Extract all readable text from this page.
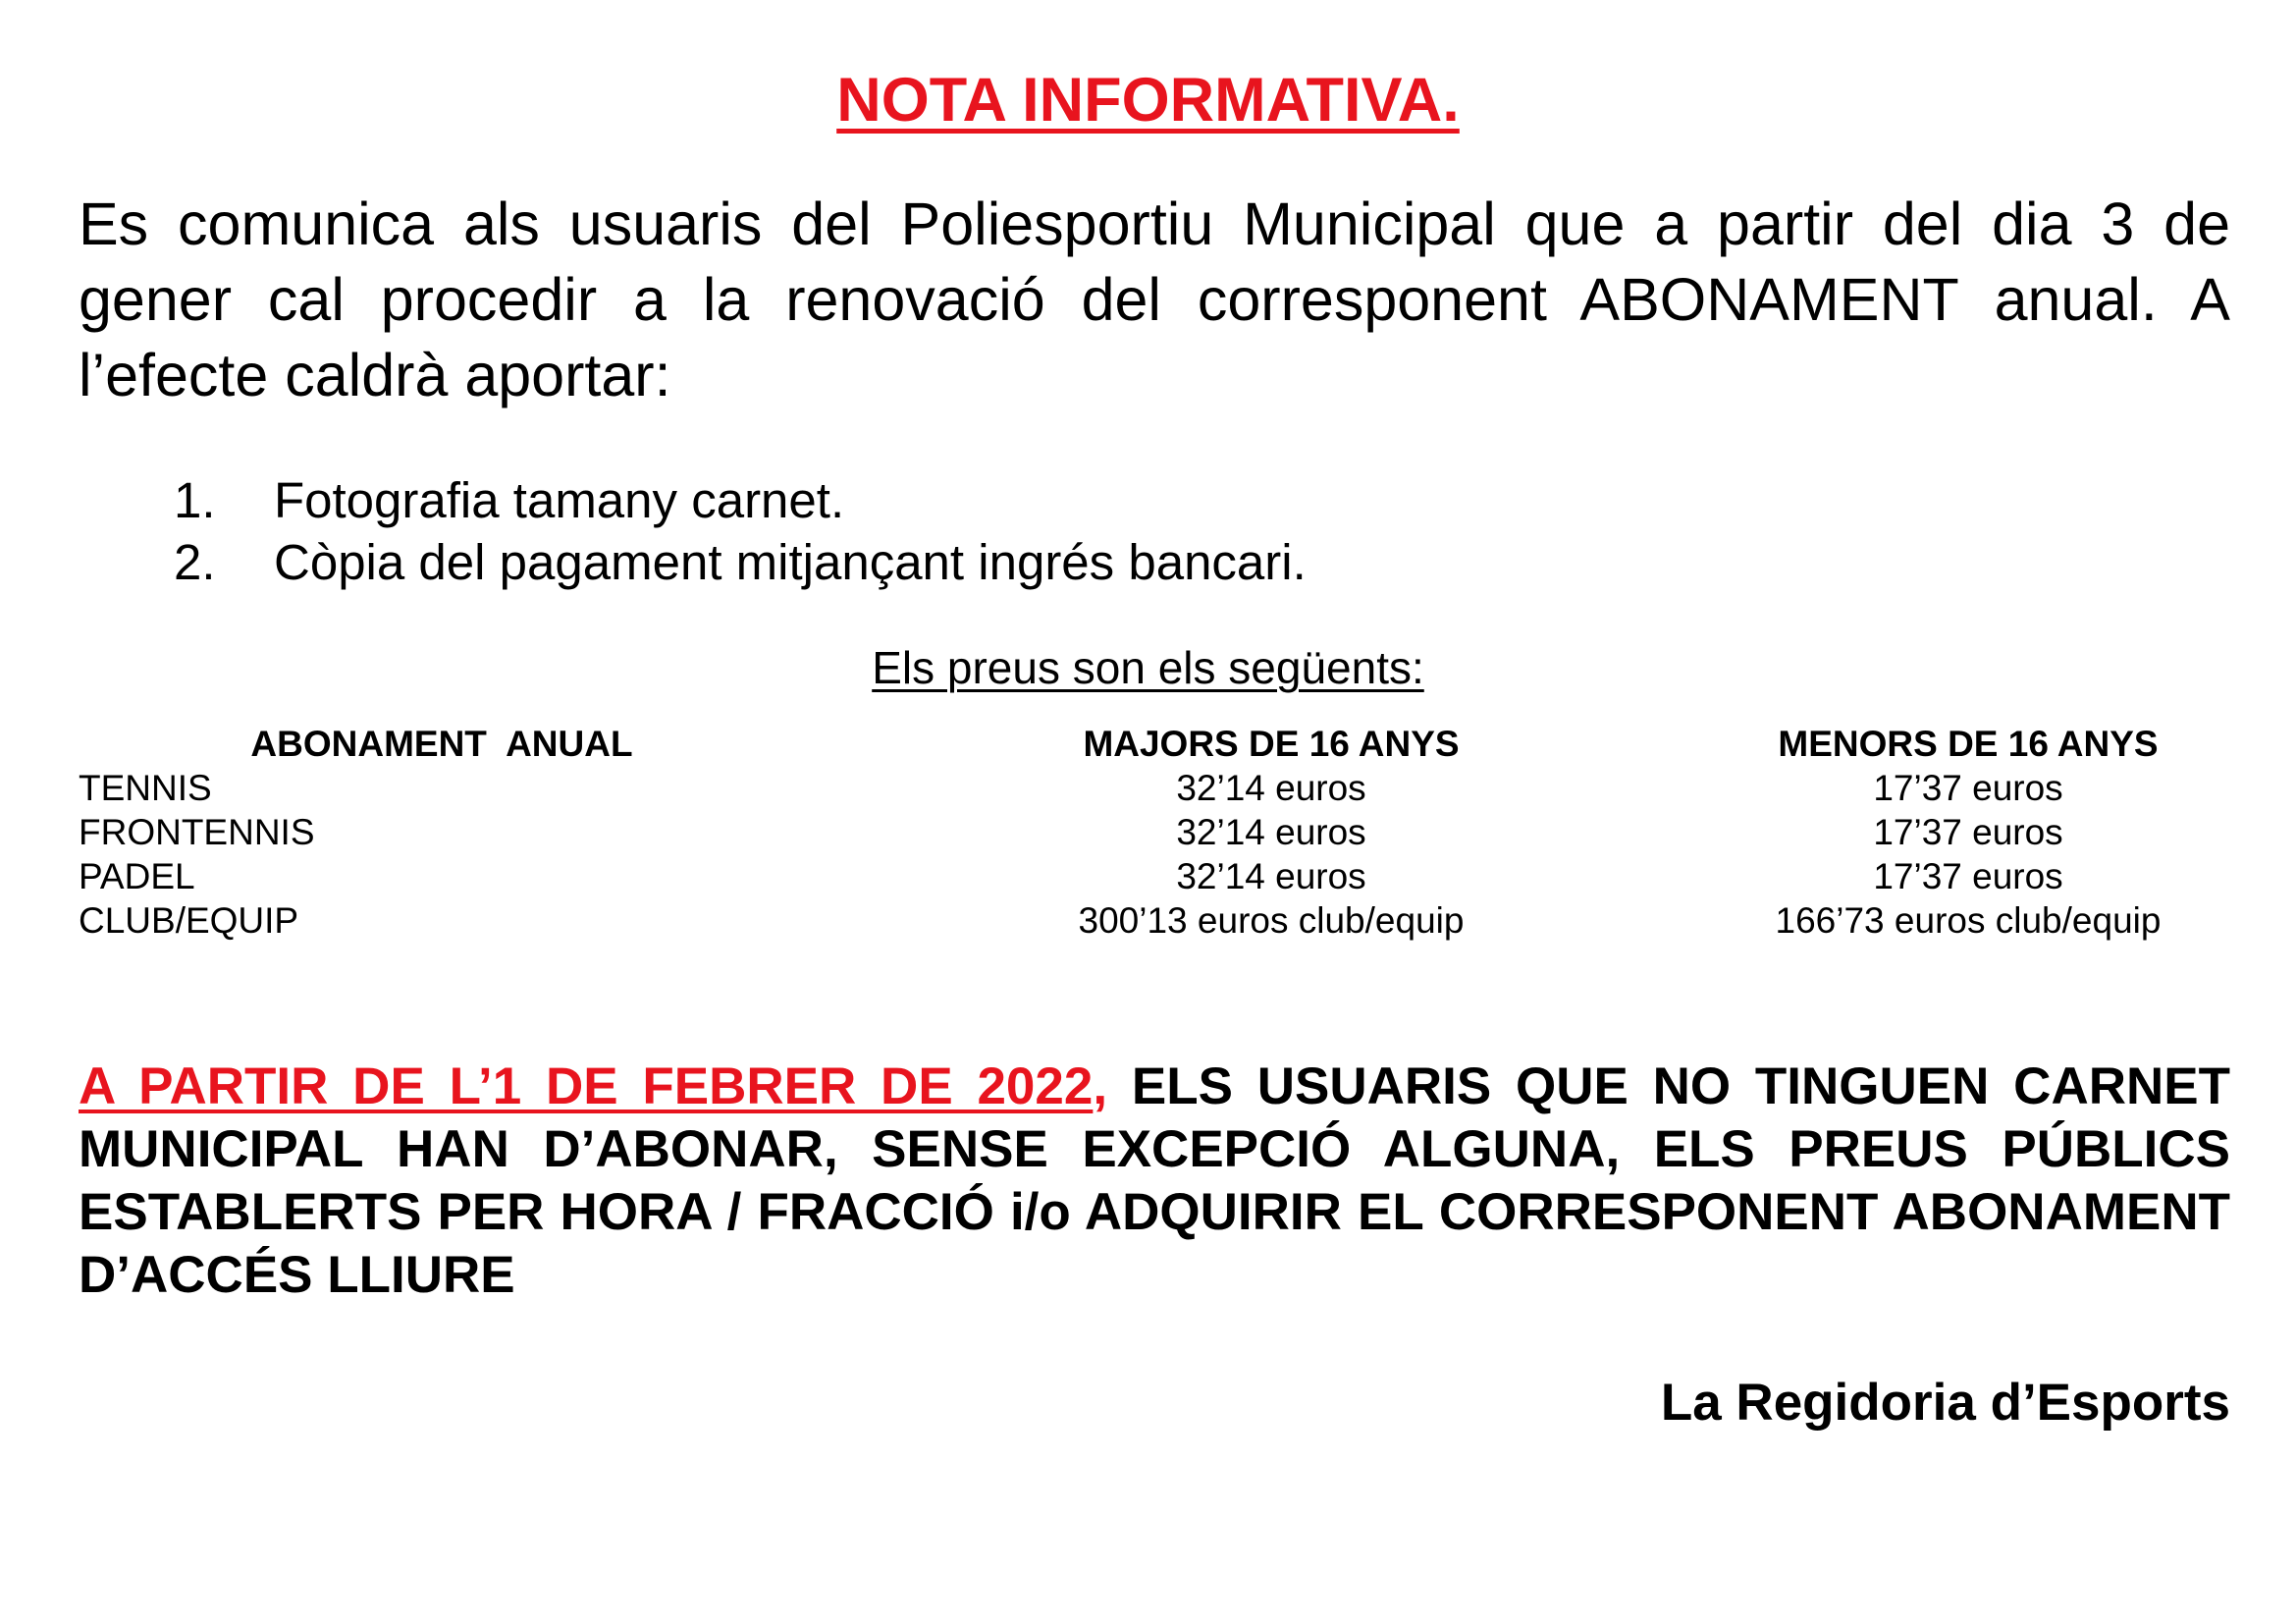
NOTA INFORMATIVA.
Es comunica als usuaris del Poliesportiu Municipal que a partir del dia 3 de gener cal procedir a la renovació del corresponent ABONAMENT anual. A l’efecte caldrà aportar:
1.	Fotografia tamany carnet.
2.	Còpia del pagament mitjançant ingrés bancari.
Els preus son els següents:
ABONAMENT  ANUAL	MAJORS DE 16 ANYS	MENORS DE 16 ANYS
TENNIS	32’14 euros	17’37 euros
FRONTENNIS	32’14 euros	17’37 euros
PADEL	32’14 euros	17’37 euros
CLUB/EQUIP	300’13 euros club/equip	166’73 euros club/equip
A PARTIR DE L’1 DE FEBRER DE 2022, ELS USUARIS QUE NO TINGUEN CARNET MUNICIPAL HAN D’ABONAR, SENSE EXCEPCIÓ ALGUNA, ELS PREUS PÚBLICS ESTABLERTS PER HORA / FRACCIÓ i/o ADQUIRIR EL CORRESPONENT ABONAMENT D’ACCÉS LLIURE
La Regidoria d’Esports
